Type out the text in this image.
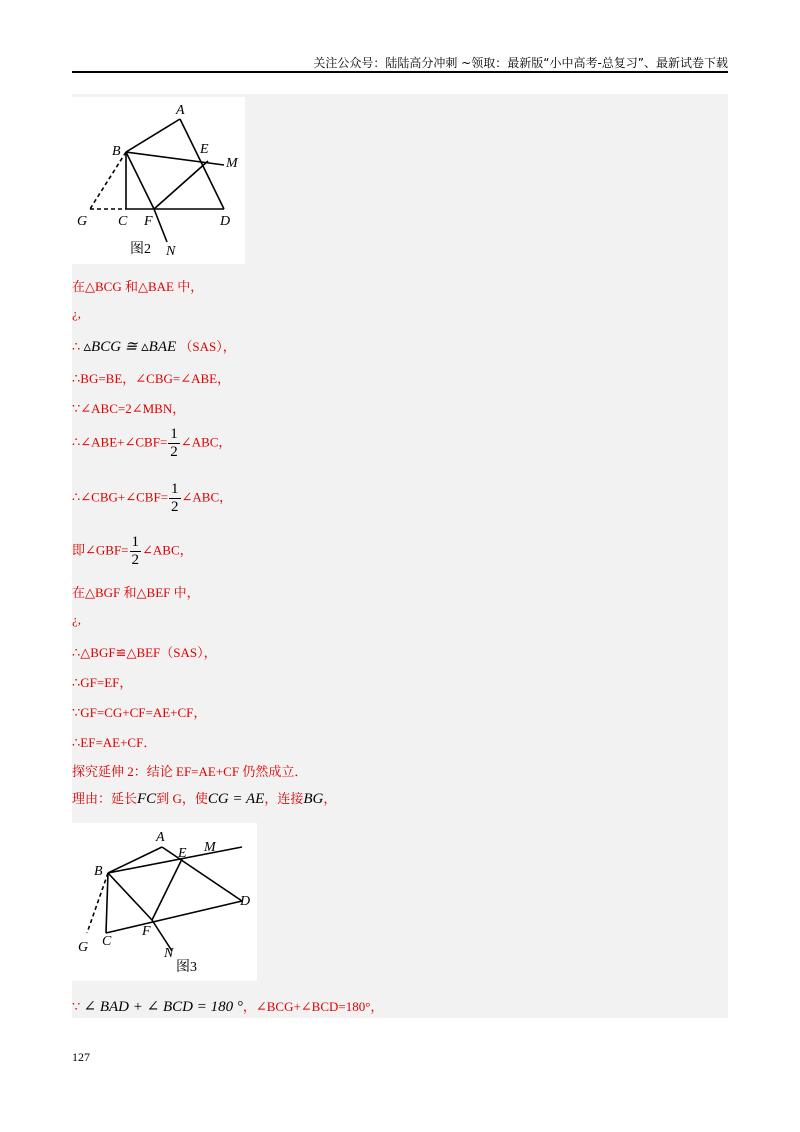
关注公众号：陆陆高分冲刺 ~领取：最新版“小中高考-总复习”、最新试卷下载
A
B	E
M
G C F	D
N
图2
在△BCG 和△BAE 中，
¿,
∴ ▵BCG ≅ ▵BAE （SAS），
∴BG=BE，∠CBG=∠ABE，
∵∠ABC=2∠MBN，
∴∠ABE+∠CBF= $\frac{1}{2}$ ∠ABC，
∴∠CBG+∠CBF= $\frac{1}{2}$ ∠ABC，
即∠GBF= $\frac{1}{2}$ ∠ABC，
在△BGF 和△BEF 中，
¿,
∴△BGF≌△BEF（SAS），
∴GF=EF，
∵GF=CG+CF=AE+CF，
∴EF=AE+CF．
探究延伸 2：结论 EF=AE+CF 仍然成立．
理由：延长FC到 G，使CG = AE，连接BG，
A
B
E M
G C
F
D
N
图3
∵ ∠ BAD + ∠ BCD = 180 °，∠BCG+∠BCD=180°，
127
